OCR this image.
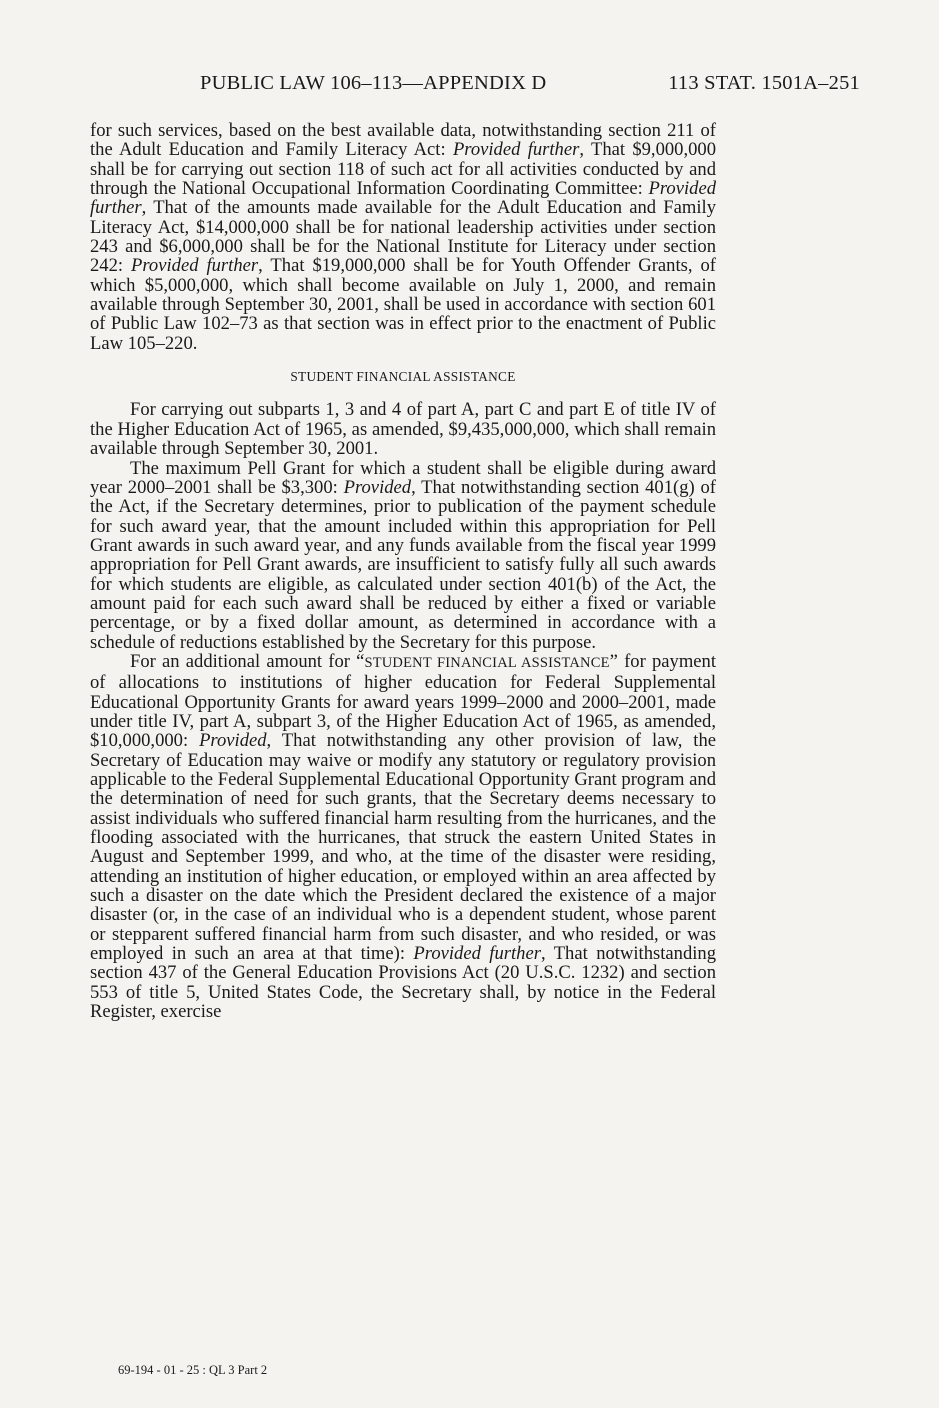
PUBLIC LAW 106–113—APPENDIX D	113 STAT. 1501A–251

for such services, based on the best available data, notwithstanding section 211 of the Adult Education and Family Literacy Act: Provided further, That $9,000,000 shall be for carrying out section 118 of such act for all activities conducted by and through the National Occupational Information Coordinating Committee: Provided further, That of the amounts made available for the Adult Education and Family Literacy Act, $14,000,000 shall be for national leadership activities under section 243 and $6,000,000 shall be for the National Institute for Literacy under section 242: Provided further, That $19,000,000 shall be for Youth Offender Grants, of which $5,000,000, which shall become available on July 1, 2000, and remain available through September 30, 2001, shall be used in accordance with section 601 of Public Law 102–73 as that section was in effect prior to the enactment of Public Law 105–220.

STUDENT FINANCIAL ASSISTANCE

For carrying out subparts 1, 3 and 4 of part A, part C and part E of title IV of the Higher Education Act of 1965, as amended, $9,435,000,000, which shall remain available through September 30, 2001.

The maximum Pell Grant for which a student shall be eligible during award year 2000–2001 shall be $3,300: Provided, That notwithstanding section 401(g) of the Act, if the Secretary determines, prior to publication of the payment schedule for such award year, that the amount included within this appropriation for Pell Grant awards in such award year, and any funds available from the fiscal year 1999 appropriation for Pell Grant awards, are insufficient to satisfy fully all such awards for which students are eligible, as calculated under section 401(b) of the Act, the amount paid for each such award shall be reduced by either a fixed or variable percentage, or by a fixed dollar amount, as determined in accordance with a schedule of reductions established by the Secretary for this purpose.

For an additional amount for “STUDENT FINANCIAL ASSISTANCE” for payment of allocations to institutions of higher education for Federal Supplemental Educational Opportunity Grants for award years 1999–2000 and 2000–2001, made under title IV, part A, subpart 3, of the Higher Education Act of 1965, as amended, $10,000,000: Provided, That notwithstanding any other provision of law, the Secretary of Education may waive or modify any statutory or regulatory provision applicable to the Federal Supplemental Educational Opportunity Grant program and the determination of need for such grants, that the Secretary deems necessary to assist individuals who suffered financial harm resulting from the hurricanes, and the flooding associated with the hurricanes, that struck the eastern United States in August and September 1999, and who, at the time of the disaster were residing, attending an institution of higher education, or employed within an area affected by such a disaster on the date which the President declared the existence of a major disaster (or, in the case of an individual who is a dependent student, whose parent or stepparent suffered financial harm from such disaster, and who resided, or was employed in such an area at that time): Provided further, That notwithstanding section 437 of the General Education Provisions Act (20 U.S.C. 1232) and section 553 of title 5, United States Code, the Secretary shall, by notice in the Federal Register, exercise

69-194 - 01 - 25 : QL 3 Part 2
